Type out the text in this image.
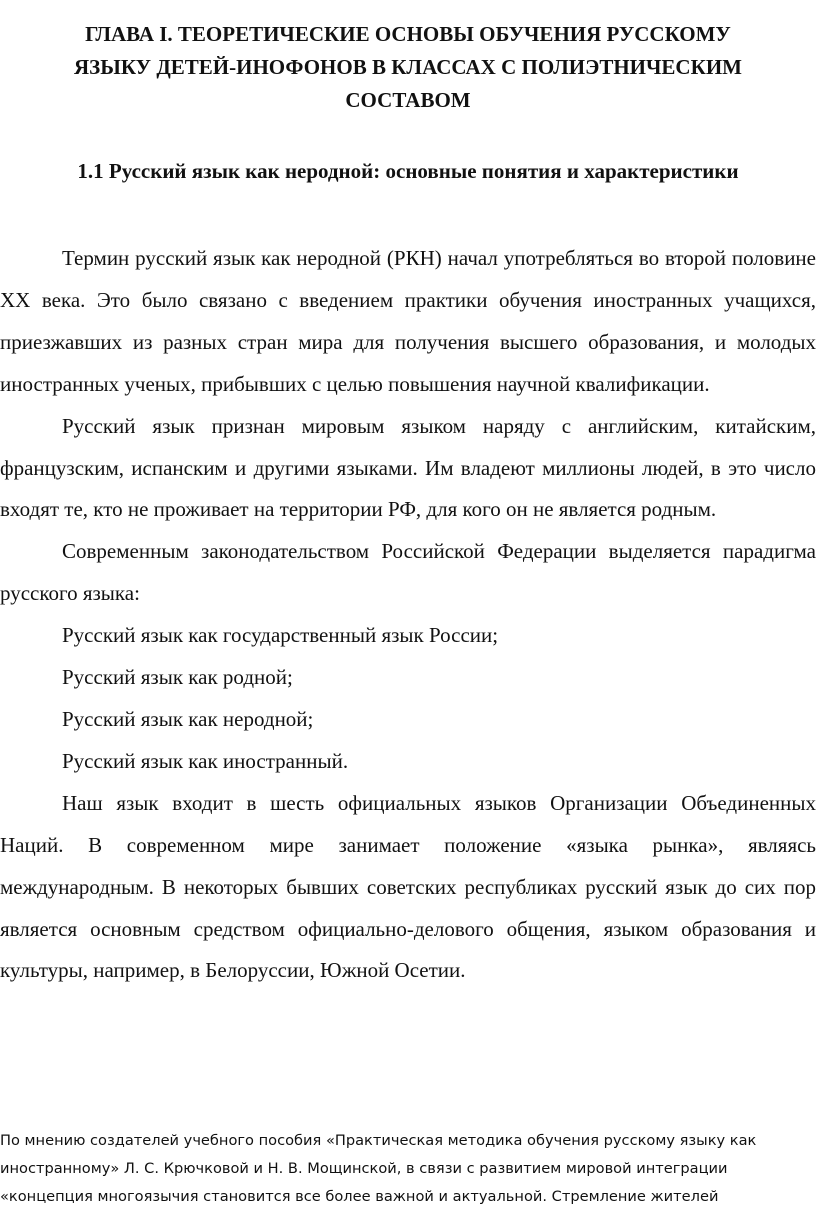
ГЛАВА I. ТЕОРЕТИЧЕСКИЕ ОСНОВЫ ОБУЧЕНИЯ РУССКОМУ
ЯЗЫКУ ДЕТЕЙ-ИНОФОНОВ В КЛАССАХ С ПОЛИЭТНИЧЕСКИМ
СОСТАВОМ
1.1 Русский язык как неродной: основные понятия и характеристики

Термин русский язык как неродной (РКН) начал употребляться во второй половине XX века. Это было связано с введением практики обучения иностранных учащихся, приезжавших из разных стран мира для получения высшего образования, и молодых иностранных ученых, прибывших с целью повышения научной квалификации.

Русский язык признан мировым языком наряду с английским, китайским, французским, испанским и другими языками. Им владеют миллионы людей, в это число входят те, кто не проживает на территории РФ, для кого он не является родным.

Современным законодательством Российской Федерации выделяется парадигма русского языка:

Русский язык как государственный язык России;

Русский язык как родной;

Русский язык как неродной;

Русский язык как иностранный.

Наш язык входит в шесть официальных языков Организации Объединенных Наций. В современном мире занимает положение «языка рынка», являясь международным. В некоторых бывших советских республиках русский язык до сих пор является основным средством официально-делового общения, языком образования и культуры, например, в Белоруссии, Южной Осетии.

По мнению создателей учебного пособия «Практическая методика обучения русскому языку как
иностранному» Л. С. Крючковой и Н. В. Мощинской, в связи с развитием мировой интеграции
«концепция многоязычия становится все более важной и актуальной. Стремление жителей
